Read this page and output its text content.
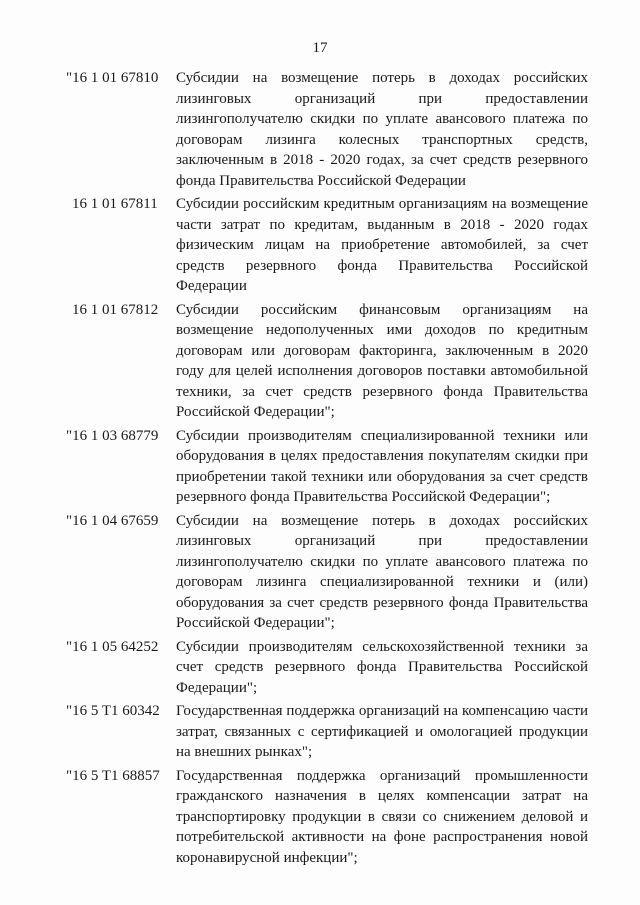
17
"16 1 01 67810	Субсидии на возмещение потерь в доходах российских лизинговых организаций при предоставлении лизингополучателю скидки по уплате авансового платежа по договорам лизинга колесных транспортных средств, заключенным в 2018 - 2020 годах, за счет средств резервного фонда Правительства Российской Федерации
16 1 01 67811	Субсидии российским кредитным организациям на возмещение части затрат по кредитам, выданным в 2018 - 2020 годах физическим лицам на приобретение автомобилей, за счет средств резервного фонда Правительства Российской Федерации
16 1 01 67812	Субсидии российским финансовым организациям на возмещение недополученных ими доходов по кредитным договорам или договорам факторинга, заключенным в 2020 году для целей исполнения договоров поставки автомобильной техники, за счет средств резервного фонда Правительства Российской Федерации";
"16 1 03 68779	Субсидии производителям специализированной техники или оборудования в целях предоставления покупателям скидки при приобретении такой техники или оборудования за счет средств резервного фонда Правительства Российской Федерации";
"16 1 04 67659	Субсидии на возмещение потерь в доходах российских лизинговых организаций при предоставлении лизингополучателю скидки по уплате авансового платежа по договорам лизинга специализированной техники и (или) оборудования за счет средств резервного фонда Правительства Российской Федерации";
"16 1 05 64252	Субсидии производителям сельскохозяйственной техники за счет средств резервного фонда Правительства Российской Федерации";
"16 5 T1 60342	Государственная поддержка организаций на компенсацию части затрат, связанных с сертификацией и омологацией продукции на внешних рынках";
"16 5 T1 68857	Государственная поддержка организаций промышленности гражданского назначения в целях компенсации затрат на транспортировку продукции в связи со снижением деловой и потребительской активности на фоне распространения новой коронавирусной инфекции";
